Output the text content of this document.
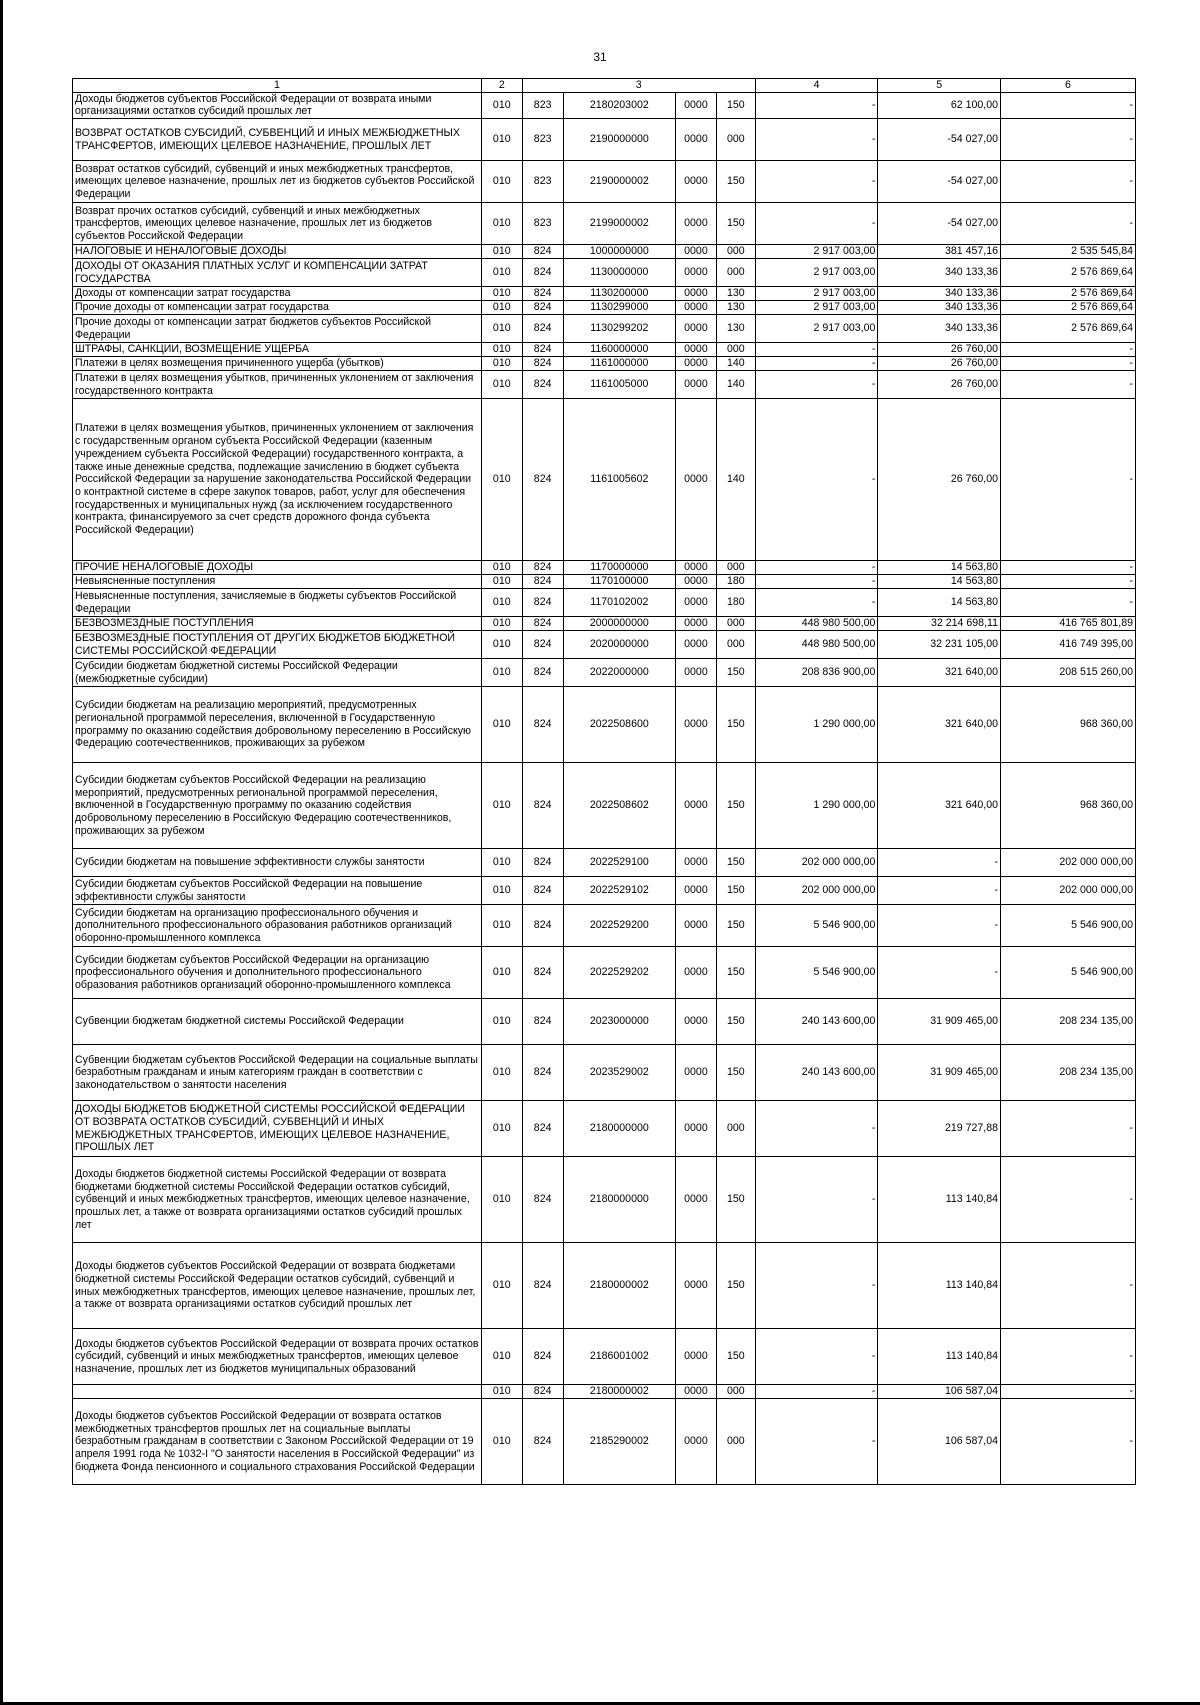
31
1	2	3				4	5	6
Доходы бюджетов субъектов Российской Федерации от возврата иными организациями остатков субсидий прошлых лет	010	823	2180203002	0000	150	-	62 100,00	-
ВОЗВРАТ ОСТАТКОВ СУБСИДИЙ, СУБВЕНЦИЙ И ИНЫХ МЕЖБЮДЖЕТНЫХ ТРАНСФЕРТОВ, ИМЕЮЩИХ ЦЕЛЕВОЕ НАЗНАЧЕНИЕ, ПРОШЛЫХ ЛЕТ	010	823	2190000000	0000	000	-	-54 027,00	-
Возврат остатков субсидий, субвенций и иных межбюджетных трансфертов, имеющих целевое назначение, прошлых лет из бюджетов субъектов Российской Федерации	010	823	2190000002	0000	150	-	-54 027,00	-
Возврат прочих остатков субсидий, субвенций и иных межбюджетных трансфертов, имеющих целевое назначение, прошлых лет из бюджетов субъектов Российской Федерации	010	823	2199000002	0000	150	-	-54 027,00	-
НАЛОГОВЫЕ И НЕНАЛОГОВЫЕ ДОХОДЫ	010	824	1000000000	0000	000	2 917 003,00	381 457,16	2 535 545,84
ДОХОДЫ ОТ ОКАЗАНИЯ ПЛАТНЫХ УСЛУГ И КОМПЕНСАЦИИ ЗАТРАТ ГОСУДАРСТВА	010	824	1130000000	0000	000	2 917 003,00	340 133,36	2 576 869,64
Доходы от компенсации затрат государства	010	824	1130200000	0000	130	2 917 003,00	340 133,36	2 576 869,64
Прочие доходы от компенсации затрат государства	010	824	1130299000	0000	130	2 917 003,00	340 133,36	2 576 869,64
Прочие доходы от компенсации затрат бюджетов субъектов Российской Федерации	010	824	1130299202	0000	130	2 917 003,00	340 133,36	2 576 869,64
ШТРАФЫ, САНКЦИИ, ВОЗМЕЩЕНИЕ УЩЕРБА	010	824	1160000000	0000	000	-	26 760,00	-
Платежи в целях возмещения причиненного ущерба (убытков)	010	824	1161000000	0000	140	-	26 760,00	-
Платежи в целях возмещения убытков, причиненных уклонением от заключения государственного контракта	010	824	1161005000	0000	140	-	26 760,00	-
Платежи в целях возмещения убытков, причиненных уклонением от заключения с государственным органом субъекта Российской Федерации (казенным учреждением субъекта Российской Федерации) государственного контракта, а также иные денежные средства, подлежащие зачислению в бюджет субъекта Российской Федерации за нарушение законодательства Российской Федерации о контрактной системе в сфере закупок товаров, работ, услуг для обеспечения государственных и муниципальных нужд (за исключением государственного контракта, финансируемого за счет средств дорожного фонда субъекта Российской Федерации)	010	824	1161005602	0000	140	-	26 760,00	-
ПРОЧИЕ НЕНАЛОГОВЫЕ ДОХОДЫ	010	824	1170000000	0000	000	-	14 563,80	-
Невыясненные поступления	010	824	1170100000	0000	180	-	14 563,80	-
Невыясненные поступления, зачисляемые в бюджеты субъектов Российской Федерации	010	824	1170102002	0000	180	-	14 563,80	-
БЕЗВОЗМЕЗДНЫЕ ПОСТУПЛЕНИЯ	010	824	2000000000	0000	000	448 980 500,00	32 214 698,11	416 765 801,89
БЕЗВОЗМЕЗДНЫЕ ПОСТУПЛЕНИЯ ОТ ДРУГИХ БЮДЖЕТОВ БЮДЖЕТНОЙ СИСТЕМЫ РОССИЙСКОЙ ФЕДЕРАЦИИ	010	824	2020000000	0000	000	448 980 500,00	32 231 105,00	416 749 395,00
Субсидии бюджетам бюджетной системы Российской Федерации (межбюджетные субсидии)	010	824	2022000000	0000	150	208 836 900,00	321 640,00	208 515 260,00
Субсидии бюджетам на реализацию мероприятий, предусмотренных региональной программой переселения, включенной в Государственную программу по оказанию содействия добровольному переселению в Российскую Федерацию соотечественников, проживающих за рубежом	010	824	2022508600	0000	150	1 290 000,00	321 640,00	968 360,00
Субсидии бюджетам субъектов Российской Федерации на реализацию мероприятий, предусмотренных региональной программой переселения, включенной в Государственную программу по оказанию содействия добровольному переселению в Российскую Федерацию соотечественников, проживающих за рубежом	010	824	2022508602	0000	150	1 290 000,00	321 640,00	968 360,00
Субсидии бюджетам на повышение эффективности службы занятости	010	824	2022529100	0000	150	202 000 000,00	-	202 000 000,00
Субсидии бюджетам субъектов Российской Федерации на повышение эффективности службы занятости	010	824	2022529102	0000	150	202 000 000,00	-	202 000 000,00
Субсидии бюджетам на организацию профессионального обучения и дополнительного профессионального образования работников организаций оборонно-промышленного комплекса	010	824	2022529200	0000	150	5 546 900,00	-	5 546 900,00
Субсидии бюджетам субъектов Российской Федерации на организацию профессионального обучения и дополнительного профессионального образования работников организаций оборонно-промышленного комплекса	010	824	2022529202	0000	150	5 546 900,00	-	5 546 900,00
Субвенции бюджетам бюджетной системы Российской Федерации	010	824	2023000000	0000	150	240 143 600,00	31 909 465,00	208 234 135,00
Субвенции бюджетам субъектов Российской Федерации на социальные выплаты безработным гражданам и иным категориям граждан в соответствии с законодательством о занятости населения	010	824	2023529002	0000	150	240 143 600,00	31 909 465,00	208 234 135,00
ДОХОДЫ БЮДЖЕТОВ БЮДЖЕТНОЙ СИСТЕМЫ РОССИЙСКОЙ ФЕДЕРАЦИИ ОТ ВОЗВРАТА ОСТАТКОВ СУБСИДИЙ, СУБВЕНЦИЙ И ИНЫХ МЕЖБЮДЖЕТНЫХ ТРАНСФЕРТОВ, ИМЕЮЩИХ ЦЕЛЕВОЕ НАЗНАЧЕНИЕ, ПРОШЛЫХ ЛЕТ	010	824	2180000000	0000	000	-	219 727,88	-
Доходы бюджетов бюджетной системы Российской Федерации от возврата бюджетами бюджетной системы Российской Федерации остатков субсидий, субвенций и иных межбюджетных трансфертов, имеющих целевое назначение, прошлых лет, а также от возврата организациями остатков субсидий прошлых лет	010	824	2180000000	0000	150	-	113 140,84	-
Доходы бюджетов субъектов Российской Федерации от возврата бюджетами бюджетной системы Российской Федерации остатков субсидий, субвенций и иных межбюджетных трансфертов, имеющих целевое назначение, прошлых лет, а также от возврата организациями остатков субсидий прошлых лет	010	824	2180000002	0000	150	-	113 140,84	-
Доходы бюджетов субъектов Российской Федерации от возврата прочих остатков субсидий, субвенций и иных межбюджетных трансфертов, имеющих целевое назначение, прошлых лет из бюджетов муниципальных образований	010	824	2186001002	0000	150	-	113 140,84	-
	010	824	2180000002	0000	000	-	106 587,04	-
Доходы бюджетов субъектов Российской Федерации от возврата остатков межбюджетных трансфертов прошлых лет на социальные выплаты безработным гражданам в соответствии с Законом Российской Федерации от 19 апреля 1991 года № 1032-I "О занятости населения в Российской Федерации" из бюджета Фонда пенсионного и социального страхования Российской Федерации	010	824	2185290002	0000	000	-	106 587,04	-
